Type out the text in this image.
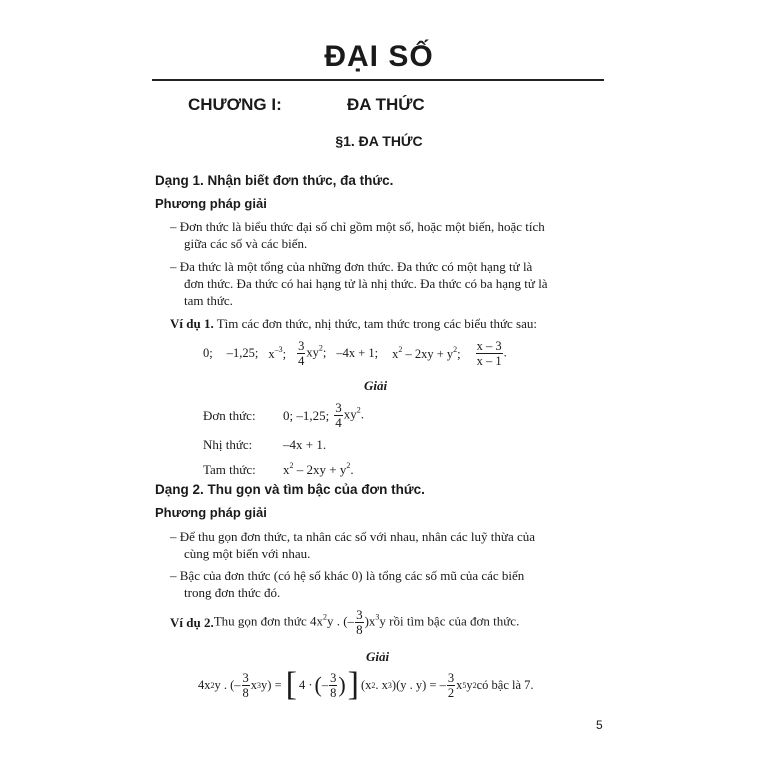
ĐẠI SỐ
CHƯƠNG I:	ĐA THỨC
§1. ĐA THỨC
Dạng 1. Nhận biết đơn thức, đa thức.
Phương pháp giải
– Đơn thức là biểu thức đại số chỉ gồm một số, hoặc một biến, hoặc tích
giữa các số và các biến.
– Đa thức là một tổng của những đơn thức. Đa thức có một hạng tử là
đơn thức. Đa thức có hai hạng tử là nhị thức. Đa thức có ba hạng tử là
tam thức.
Ví dụ 1. Tìm các đơn thức, nhị thức, tam thức trong các biểu thức sau:
0; –1,25; $x^{-3}$; $\frac{3}{4} xy^2$; –4x + 1; $x^2 - 2xy + y^2$; $\frac{x - 3}{x - 1}$ .
Giải
Đơn thức:	0; –1,25; $\frac{3}{4} xy^2$.
Nhị thức: –4x + 1.
Tam thức: $x^2 - 2xy + y^2$.
Dạng 2. Thu gọn và tìm bậc của đơn thức.
Phương pháp giải
– Để thu gọn đơn thức, ta nhân các số với nhau, nhân các luỹ thừa của
cùng một biến với nhau.
– Bậc của đơn thức (có hệ số khác 0) là tổng các số mũ của các biến
trong đơn thức đó.
Ví dụ 2. Thu gọn đơn thức $4x^2y$ . (– $\frac{3}{8} )x^3y$ rồi tìm bậc của đơn thức.
Giải
4x 2 y . (– $\frac{3}{8}$ x 3 y) = [ 4 · ( – $\frac{3}{8}$ ) ] (x 2 . x 3 )(y . y) = – $\frac{3}{2}$ x 5 y 2 có bậc là 7.
5
